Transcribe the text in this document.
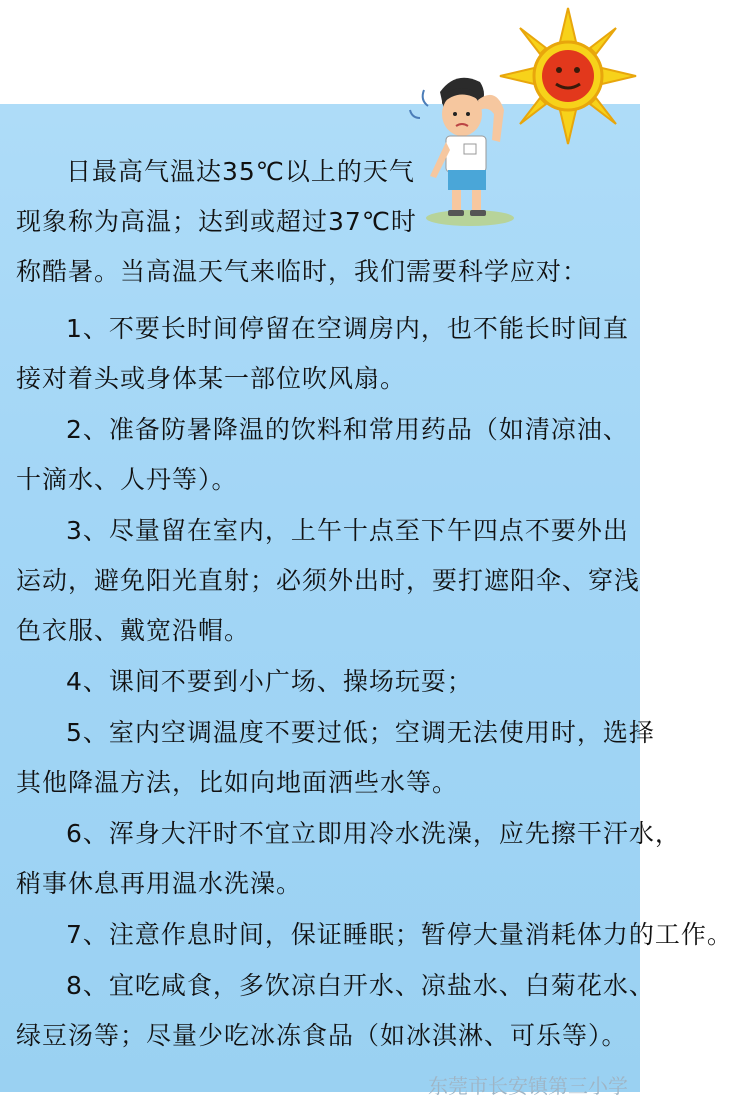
日最高气温达35℃以上的天气
现象称为高温；达到或超过37℃时
称酷暑。当高温天气来临时，我们需要科学应对：
1、不要长时间停留在空调房内，也不能长时间直
接对着头或身体某一部位吹风扇。
2、准备防暑降温的饮料和常用药品（如清凉油、
十滴水、人丹等）。
3、尽量留在室内，上午十点至下午四点不要外出
运动，避免阳光直射；必须外出时，要打遮阳伞、穿浅
色衣服、戴宽沿帽。
4、课间不要到小广场、操场玩耍；
5、室内空调温度不要过低；空调无法使用时，选择
其他降温方法，比如向地面洒些水等。
6、浑身大汗时不宜立即用冷水洗澡，应先擦干汗水，
稍事休息再用温水洗澡。
7、注意作息时间，保证睡眠；暂停大量消耗体力的工作。
8、宜吃咸食，多饮凉白开水、凉盐水、白菊花水、
绿豆汤等；尽量少吃冰冻食品（如冰淇淋、可乐等）。
东莞市长安镇第三小学
